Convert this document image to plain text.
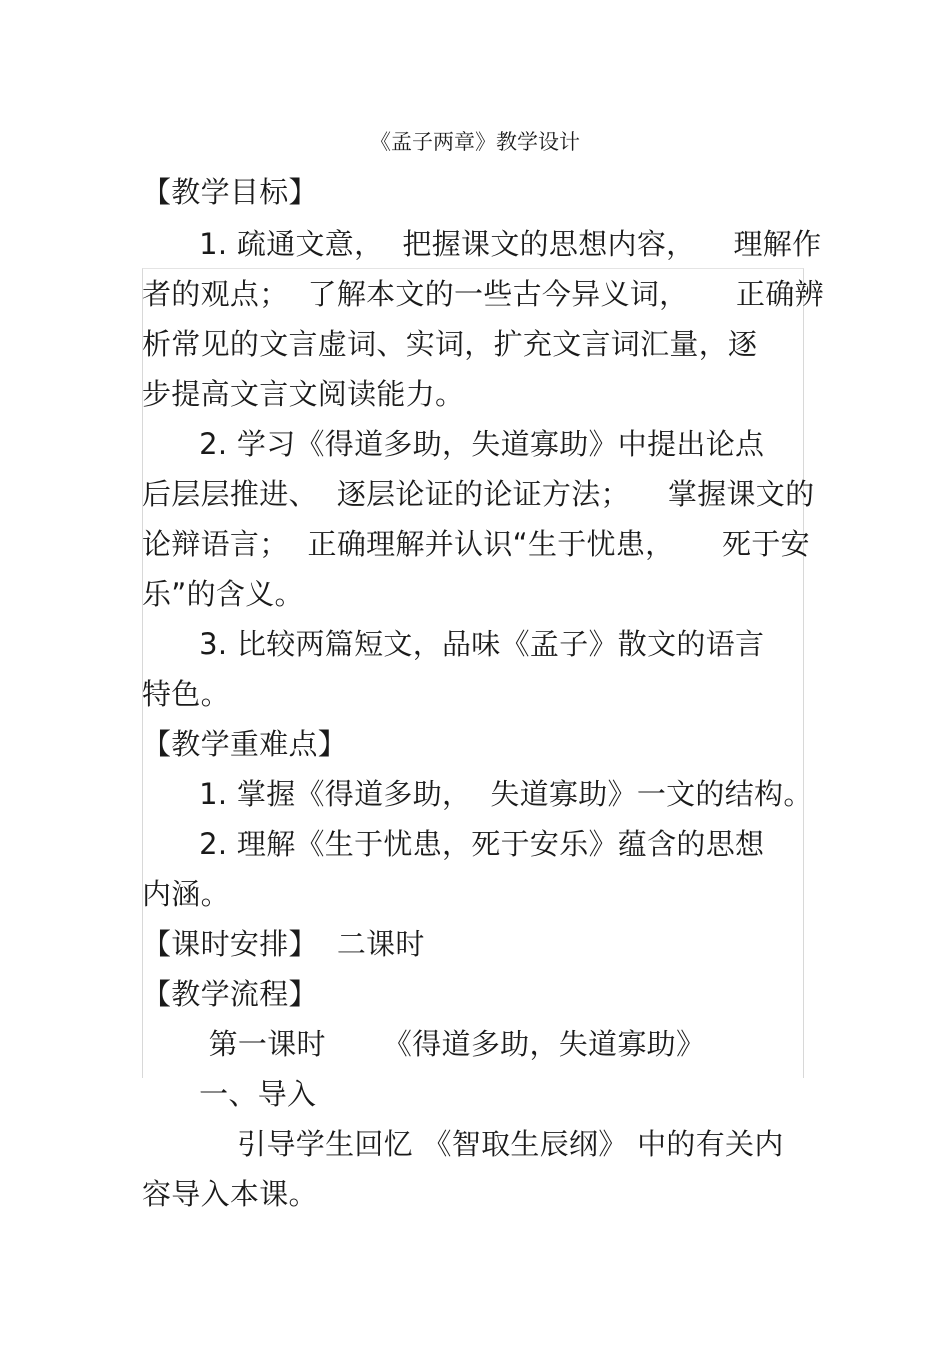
《孟子两章》教学设计
【教学目标】
1. 疏通文意，  把握课文的思想内容，    理解作
者的观点；  了解本文的一些古今异义词，     正确辨
析常见的文言虚词、实词，扩充文言词汇量，逐
步提高文言文阅读能力。
2. 学习《得道多助，失道寡助》中提出论点
后层层推进、  逐层论证的论证方法；    掌握课文的
论辩语言；  正确理解并认识“生于忧患，     死于安
乐”的含义。
3. 比较两篇短文，品味《孟子》散文的语言
特色。
【教学重难点】
1. 掌握《得道多助，  失道寡助》一文的结构。
2. 理解《生于忧患，死于安乐》蕴含的思想
内涵。
【课时安排】  二课时
【教学流程】
第一课时      《得道多助，失道寡助》
一、导入
引导学生回忆 《智取生辰纲》 中的有关内
容导入本课。
